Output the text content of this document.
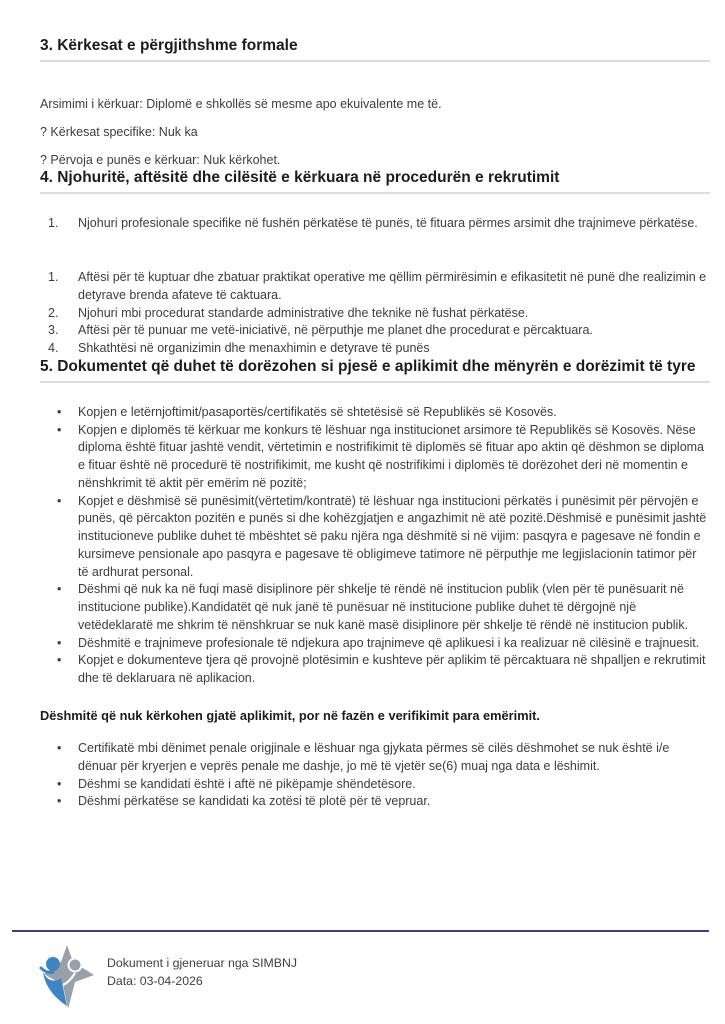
3. Kërkesat e përgjithshme formale

Arsimimi i kërkuar: Diplomë e shkollës së mesme apo ekuivalente me të.

? Kërkesat specifike: Nuk ka

? Përvoja e punës e kërkuar: Nuk kërkohet.

4. Njohuritë, aftësitë dhe cilësitë e kërkuara në procedurën e rekrutimit
Njohuri profesionale specifike në fushën përkatëse të punës, të fituara përmes arsimit dhe trajnimeve përkatëse.
Aftësi për të kuptuar dhe zbatuar praktikat operative me qëllim përmirësimin e efikasitetit në punë dhe realizimin e detyrave brenda afateve të caktuara.
Njohuri mbi procedurat standarde administrative dhe teknike në fushat përkatëse.
Aftësi për të punuar me vetë-iniciativë, në përputhje me planet dhe procedurat e përcaktuara.
Shkathtësi në organizimin dhe menaxhimin e detyrave të punës
5. Dokumentet që duhet të dorëzohen si pjesë e aplikimit dhe mënyrën e dorëzimit të tyre
• Kopjen e letërnjoftimit/pasaportës/certifikatës së shtetësisë së Republikës së Kosovës.
• Kopjen e diplomës të kërkuar me konkurs të lëshuar nga institucionet arsimore të Republikës së Kosovës. Nëse diploma është fituar jashtë vendit, vërtetimin e nostrifikimit të diplomës së fituar apo aktin që dëshmon se diploma e fituar është në procedurë të nostrifikimit, me kusht që nostrifikimi i diplomës të dorëzohet deri në momentin e nënshkrimit të aktit për emërim në pozitë;
• Kopjet e dëshmisë së punësimit(vërtetim/kontratë) të lëshuar nga institucioni përkatës i punësimit për përvojën e punës, që përcakton pozitën e punës si dhe kohëzgjatjen e angazhimit në atë pozitë.Dëshmisë e punësimit jashtë institucioneve publike duhet të mbështet së paku njëra nga dëshmitë si në vijim: pasqyra e pagesave në fondin e kursimeve pensionale apo pasqyra e pagesave të obligimeve tatimore në përputhje me legjislacionin tatimor për të ardhurat personal.
• Dëshmi që nuk ka në fuqi masë disiplinore për shkelje të rëndë në institucion publik (vlen për të punësuarit në institucione publike).Kandidatët që nuk janë të punësuar në institucione publike duhet të dërgojnë një vetëdeklaratë me shkrim të nënshkruar se nuk kanë masë disiplinore për shkelje të rëndë në institucion publik.
• Dëshmitë e trajnimeve profesionale të ndjekura apo trajnimeve që aplikuesi i ka realizuar në cilësinë e trajnuesit.
• Kopjet e dokumenteve tjera që provojnë plotësimin e kushteve për aplikim të përcaktuara në shpalljen e rekrutimit dhe të deklaruara në aplikacion.

Dëshmitë që nuk kërkohen gjatë aplikimit, por në fazën e verifikimit para emërimit.

• Certifikatë mbi dënimet penale origjinale e lëshuar nga gjykata përmes së cilës dëshmohet se nuk është i/e dënuar për kryerjen e veprës penale me dashje, jo më të vjetër se(6) muaj nga data e lëshimit.
• Dëshmi se kandidati është i aftë në pikëpamje shëndetësore.
• Dëshmi përkatëse se kandidati ka zotësi të plotë për të vepruar.
Dokument i gjeneruar nga SIMBNJ
Data: 03-04-2026
